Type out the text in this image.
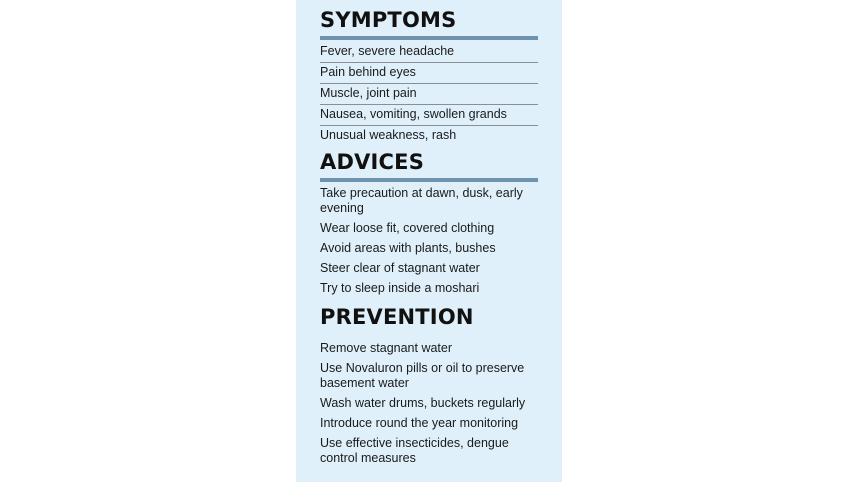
SYMPTOMS
Fever, severe headache
Pain behind eyes
Muscle, joint pain
Nausea, vomiting, swollen grands
Unusual weakness, rash
ADVICES
Take precaution at dawn, dusk, early evening
Wear loose fit, covered clothing
Avoid areas with plants, bushes
Steer clear of stagnant water
Try to sleep inside a moshari
PREVENTION
Remove stagnant water
Use Novaluron pills or oil to preserve basement water
Wash water drums, buckets regularly
Introduce round the year monitoring
Use effective insecticides, dengue control measures
